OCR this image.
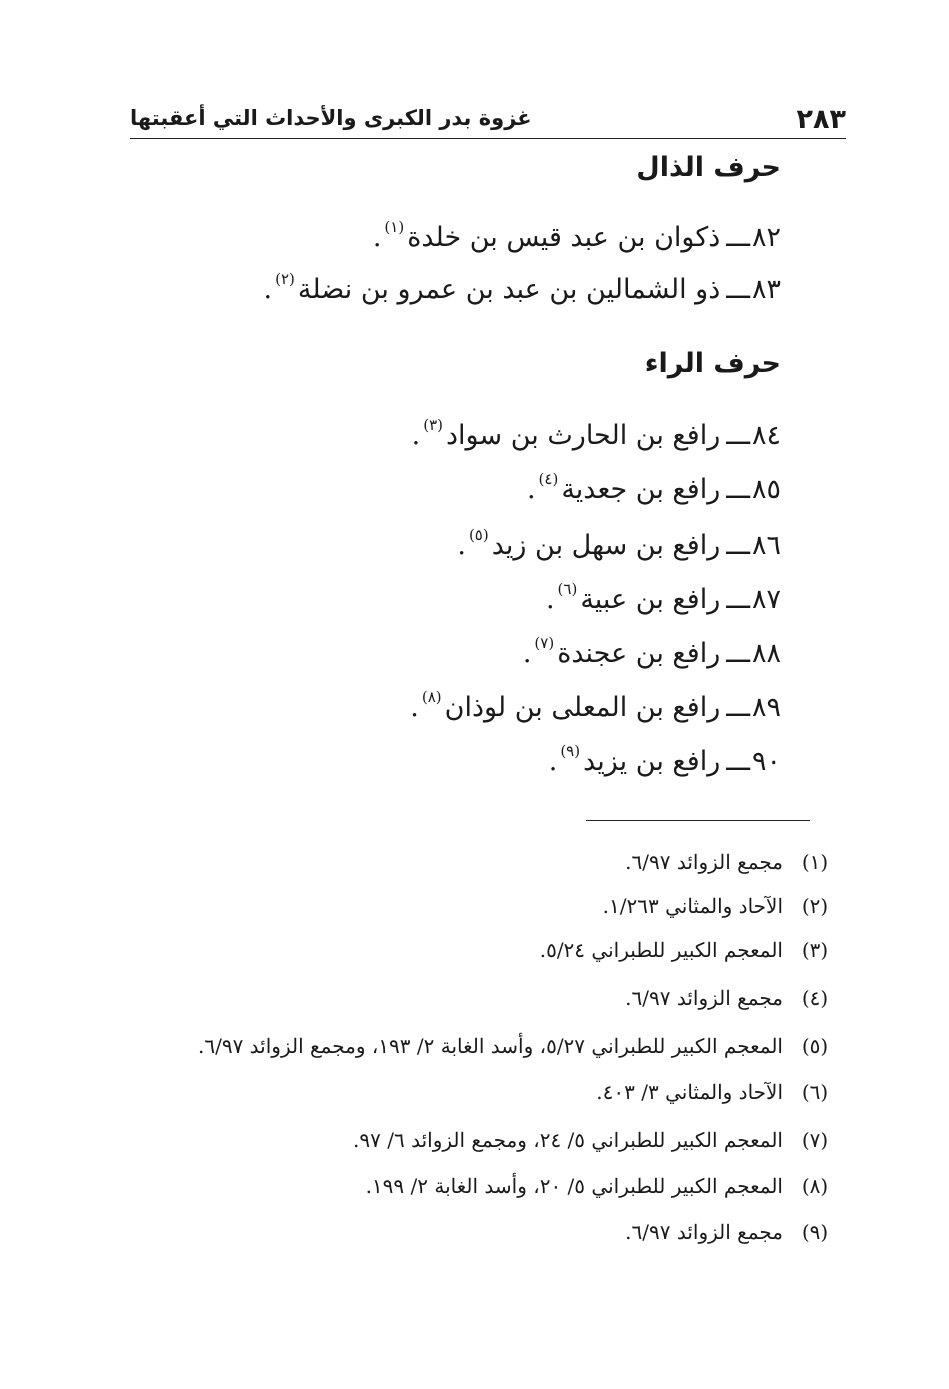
٢٨٣
غزوة بدر الكبرى والأحداث التي أعقبتها
حرف الذال
٨٢ـــذكوان بن عبد قيس بن خلدة$^{(١)}$.
٨٣ـــذو الشمالين بن عبد بن عمرو بن نضلة$^{(٢)}$.
حرف الراء
٨٤ـــرافع بن الحارث بن سواد$^{(٣)}$.
٨٥ـــرافع بن جعدية$^{(٤)}$.
٨٦ـــرافع بن سهل بن زيد$^{(٥)}$.
٨٧ـــرافع بن عبية$^{(٦)}$.
٨٨ـــرافع بن عجندة$^{(٧)}$.
٨٩ـــرافع بن المعلى بن لوذان$^{(٨)}$.
٩٠ـــرافع بن يزيد$^{(٩)}$.
(١)مجمع الزوائد ٦/٩٧.
(٢)الآحاد والمثاني ١/٢٦٣.
(٣)المعجم الكبير للطبراني ٥/٢٤.
(٤)مجمع الزوائد ٦/٩٧.
(٥)المعجم الكبير للطبراني ٥/٢٧، وأسد الغابة ٢/ ١٩٣، ومجمع الزوائد ٦/٩٧.
(٦)الآحاد والمثاني ٣/ ٤٠٣.
(٧)المعجم الكبير للطبراني ٥/ ٢٤، ومجمع الزوائد ٦/ ٩٧.
(٨)المعجم الكبير للطبراني ٥/ ٢٠، وأسد الغابة ٢/ ١٩٩.
(٩)مجمع الزوائد ٦/٩٧.
